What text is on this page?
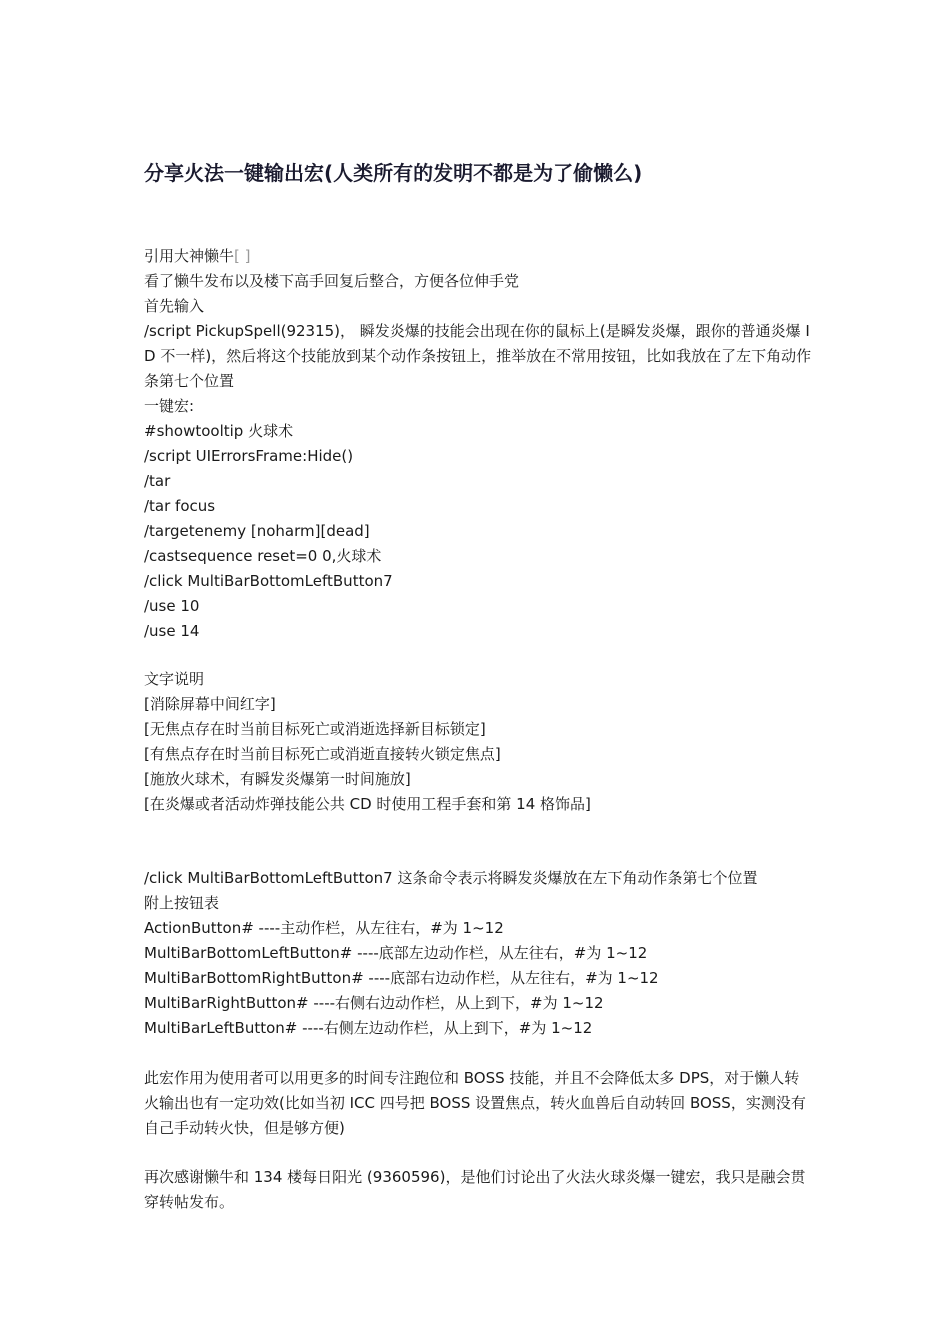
分享火法一键输出宏(人类所有的发明不都是为了偷懒么)
引用大神懒牛[ ]
看了懒牛发布以及楼下高手回复后整合，方便各位伸手党
首先输入
/script PickupSpell(92315)， 瞬发炎爆的技能会出现在你的鼠标上(是瞬发炎爆，跟你的普通炎爆 ID 不一样)，然后将这个技能放到某个动作条按钮上，推举放在不常用按钮，比如我放在了左下角动作条第七个位置
一键宏:
#showtooltip 火球术
/script UIErrorsFrame:Hide()
/tar
/tar focus
/targetenemy [noharm][dead]
/castsequence reset=0 0,火球术
/click MultiBarBottomLeftButton7
/use 10
/use 14
文字说明
[消除屏幕中间红字]
[无焦点存在时当前目标死亡或消逝选择新目标锁定]
[有焦点存在时当前目标死亡或消逝直接转火锁定焦点]
[施放火球术，有瞬发炎爆第一时间施放]
[在炎爆或者活动炸弹技能公共 CD 时使用工程手套和第 14 格饰品]
/click MultiBarBottomLeftButton7 这条命令表示将瞬发炎爆放在左下角动作条第七个位置
附上按钮表
ActionButton# ----主动作栏，从左往右，#为 1~12
MultiBarBottomLeftButton# ----底部左边动作栏，从左往右，#为 1~12
MultiBarBottomRightButton# ----底部右边动作栏，从左往右，#为 1~12
MultiBarRightButton# ----右侧右边动作栏，从上到下，#为 1~12
MultiBarLeftButton# ----右侧左边动作栏，从上到下，#为 1~12
此宏作用为使用者可以用更多的时间专注跑位和 BOSS 技能，并且不会降低太多 DPS，对于懒人转火输出也有一定功效(比如当初 ICC 四号把 BOSS 设置焦点，转火血兽后自动转回 BOSS，实测没有自己手动转火快，但是够方便)
再次感谢懒牛和 134 楼每日阳光 (9360596)，是他们讨论出了火法火球炎爆一键宏，我只是融会贯穿转帖发布。
